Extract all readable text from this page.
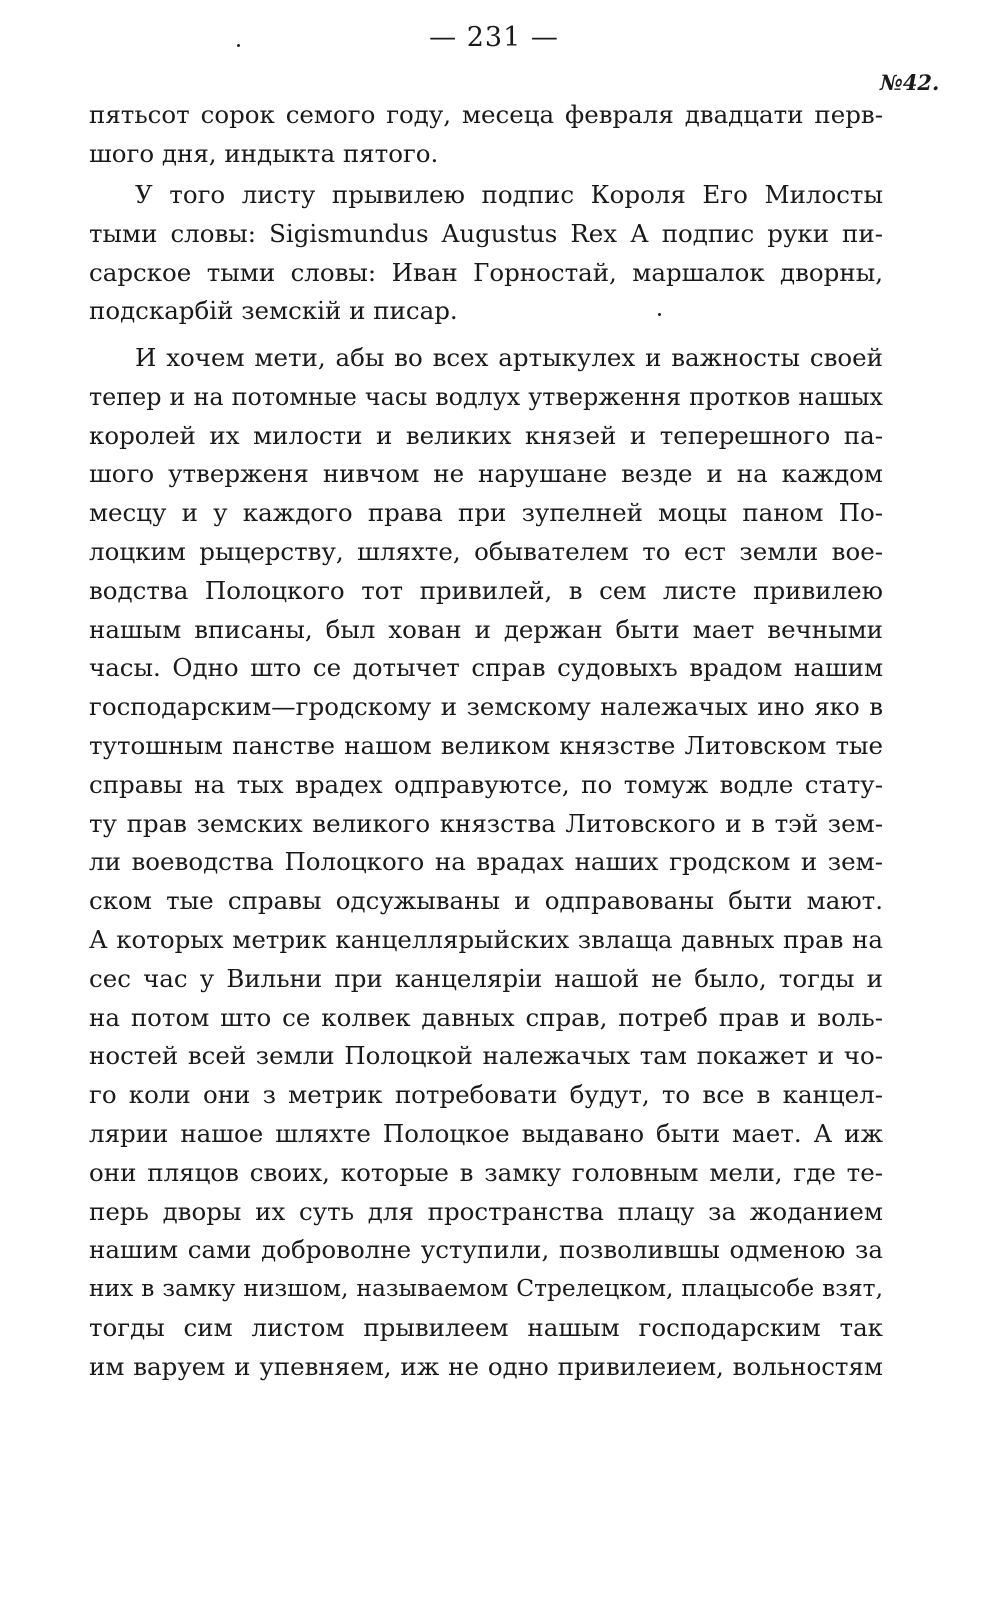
— 231 —

№42.

пятьсот сорок семого году, месеца февраля двадцати перв-
шого дня, индыкта пятого.
У того листу прывилею подпис Короля Его Милосты
тыми словы: Sigismundus Augustus Rex А подпис руки пи-
сарское тыми словы: Иван Горностай, маршалок дворны,
подскарбій земскій и писар.
И хочем мети, абы во всех артыкулех и важносты своей
тепер и на потомные часы водлух утверження протков нашых
королей их милости и великих князей и теперешного па-
шого утверженя нивчом не нарушане везде и на каждом
месцу и у каждого права при зупелней моцы паном По-
лоцким рыцерству, шляхте, обывателем то ест земли вое-
водства Полоцкого тот привилей, в сем листе привилею
нашым вписаны, был хован и держан быти мает вечными
часы. Одно што се дотычет справ судовыхъ врадом нашим
господарским—гродскому и земскому належачых ино яко в
тутошным панстве нашом великом князстве Литовском тые
справы на тых врадех одправуютсе, по томуж водле стату-
ту прав земских великого князства Литовского и в тэй зем-
ли воеводства Полоцкого на врадах наших гродском и зем-
ском тые справы одсужываны и одправованы быти мают.
А которых метрик канцеллярыйских звлаща давных прав на
сес час у Вильни при канцелярiи нашой не было, тогды и
на потом што се колвек давных справ, потреб прав и воль-
ностей всей земли Полоцкой належачых там покажет и чо-
го коли они з метрик потребовати будут, то все в канцел-
лярии нашое шляхте Полоцкое выдавано быти мает. А иж
они пляцов своих, которые в замку головным мели, где те-
перь дворы их суть для пространства плацу за жоданием
нашим сами доброволне уступили, позволившы одменою за
них в замку низшом, называемом Стрелецком, плацысобе взят,
тогды сим листом прывилеем нашым господарским так
им варуем и упевняем, иж не одно привилеием, вольностям
